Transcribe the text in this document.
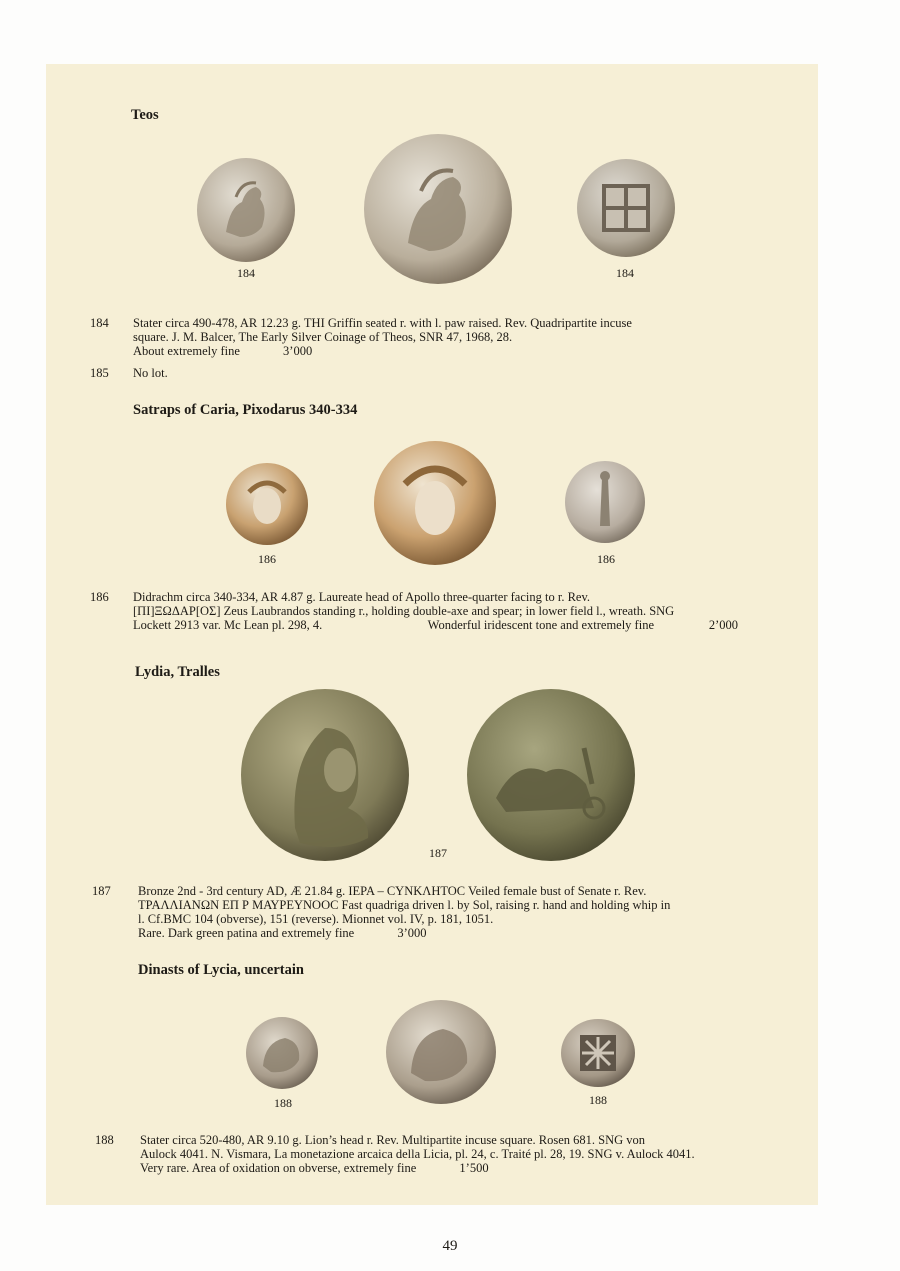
Teos
184	184
184 Stater circa 490-478, AR 12.23 g. THI Griffin seated r. with l. paw raised. Rev. Quadripartite incuse
square. J. M. Balcer, The Early Silver Coinage of Theos, SNR 47, 1968, 28.
About extremely fine	3’000
185 No lot.
Satraps of Caria, Pixodarus 340-334
186	186
186 Didrachm circa 340-334, AR 4.87 g. Laureate head of Apollo three-quarter facing to r. Rev.
[ΠΙ]ΞΩΔΑΡ[ΟΣ] Zeus Laubrandos standing r., holding double-axe and spear; in lower field l., wreath. SNG
Lockett 2913 var. Mc Lean pl. 298, 4.	Wonderful iridescent tone and extremely fine	2’000
Lydia, Tralles
187
187 Bronze 2nd - 3rd century AD, Æ 21.84 g. ΙΕΡΑ – CYNKΛHTOC Veiled female bust of Senate r. Rev.
ΤΡΑΛΛΙΑΝΩΝ ΕΠ Ρ ΜΑΥΡΕΥΝΟΟC Fast quadriga driven l. by Sol, raising r. hand and holding whip in
l. Cf.BMC 104 (obverse), 151 (reverse). Mionnet vol. IV, p. 181, 1051.
Rare. Dark green patina and extremely fine	3’000
Dinasts of Lycia, uncertain
188	188
188 Stater circa 520-480, AR 9.10 g. Lion’s head r. Rev. Multipartite incuse square. Rosen 681. SNG von
Aulock 4041. N. Vismara, La monetazione arcaica della Licia, pl. 24, c. Traité pl. 28, 19. SNG v. Aulock 4041.
Very rare. Area of oxidation on obverse, extremely fine	1’500
49
